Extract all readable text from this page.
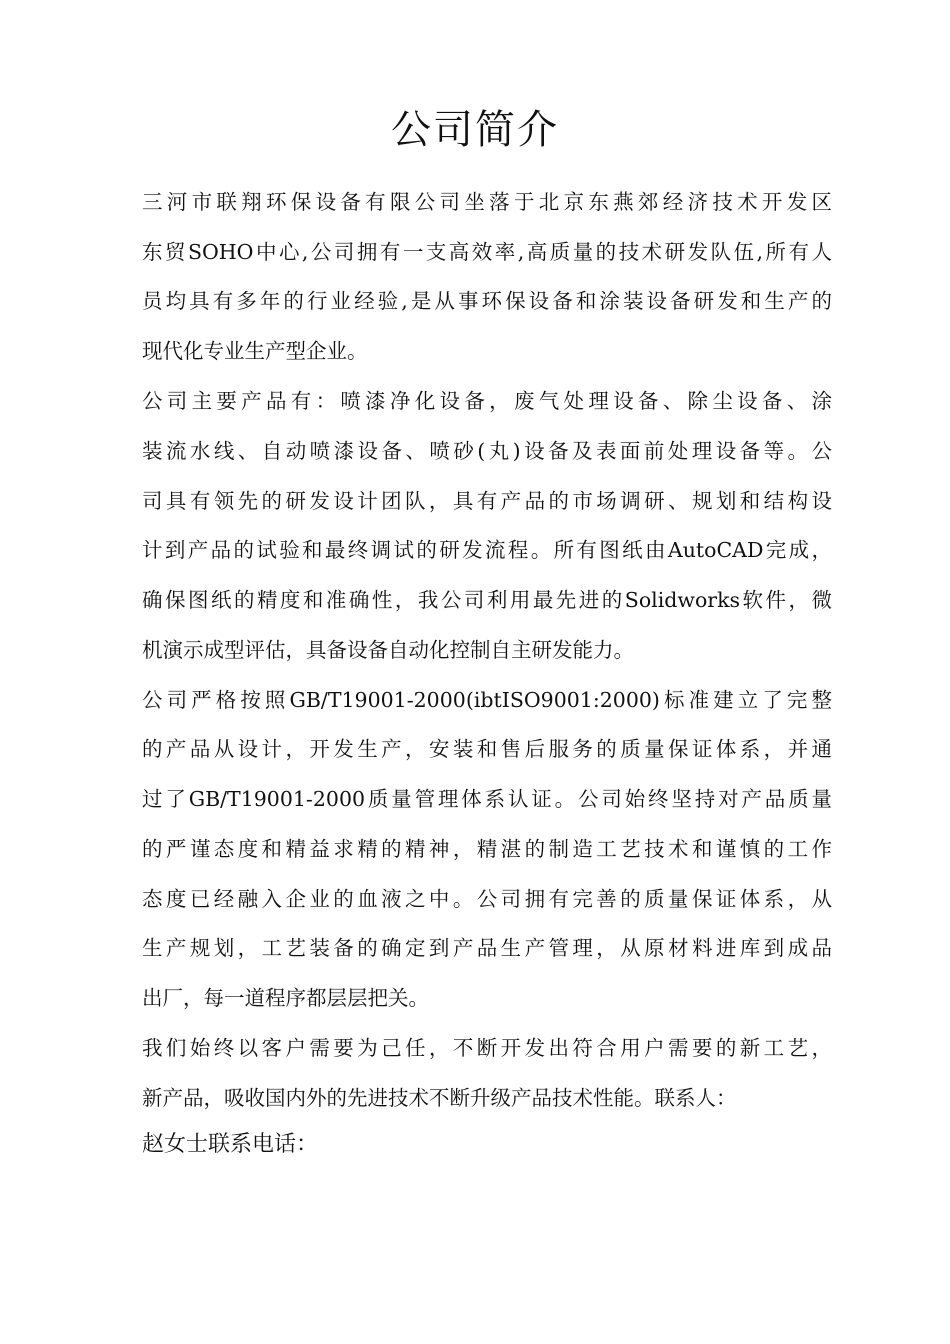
公司简介
三河市联翔环保设备有限公司坐落于北京东燕郊经济技术开发区
东贸SOHO中心,公司拥有一支高效率,高质量的技术研发队伍,所有人
员均具有多年的行业经验,是从事环保设备和涂装设备研发和生产的
现代化专业生产型企业。
公司主要产品有：喷漆净化设备，废气处理设备、除尘设备、涂
装流水线、自动喷漆设备、喷砂(丸)设备及表面前处理设备等。公
司具有领先的研发设计团队，具有产品的市场调研、规划和结构设
计到产品的试验和最终调试的研发流程。所有图纸由AutoCAD完成，
确保图纸的精度和准确性，我公司利用最先进的Solidworks软件，微
机演示成型评估，具备设备自动化控制自主研发能力。
公司严格按照GB/T19001-2000(ibtISO9001:2000)标准建立了完整
的产品从设计，开发生产，安装和售后服务的质量保证体系，并通
过了GB/T19001-2000质量管理体系认证。公司始终坚持对产品质量
的严谨态度和精益求精的精神，精湛的制造工艺技术和谨慎的工作
态度已经融入企业的血液之中。公司拥有完善的质量保证体系，从
生产规划，工艺装备的确定到产品生产管理，从原材料进库到成品
出厂，每一道程序都层层把关。
我们始终以客户需要为己任，不断开发出符合用户需要的新工艺，
新产品，吸收国内外的先进技术不断升级产品技术性能。联系人：
赵女士联系电话：
